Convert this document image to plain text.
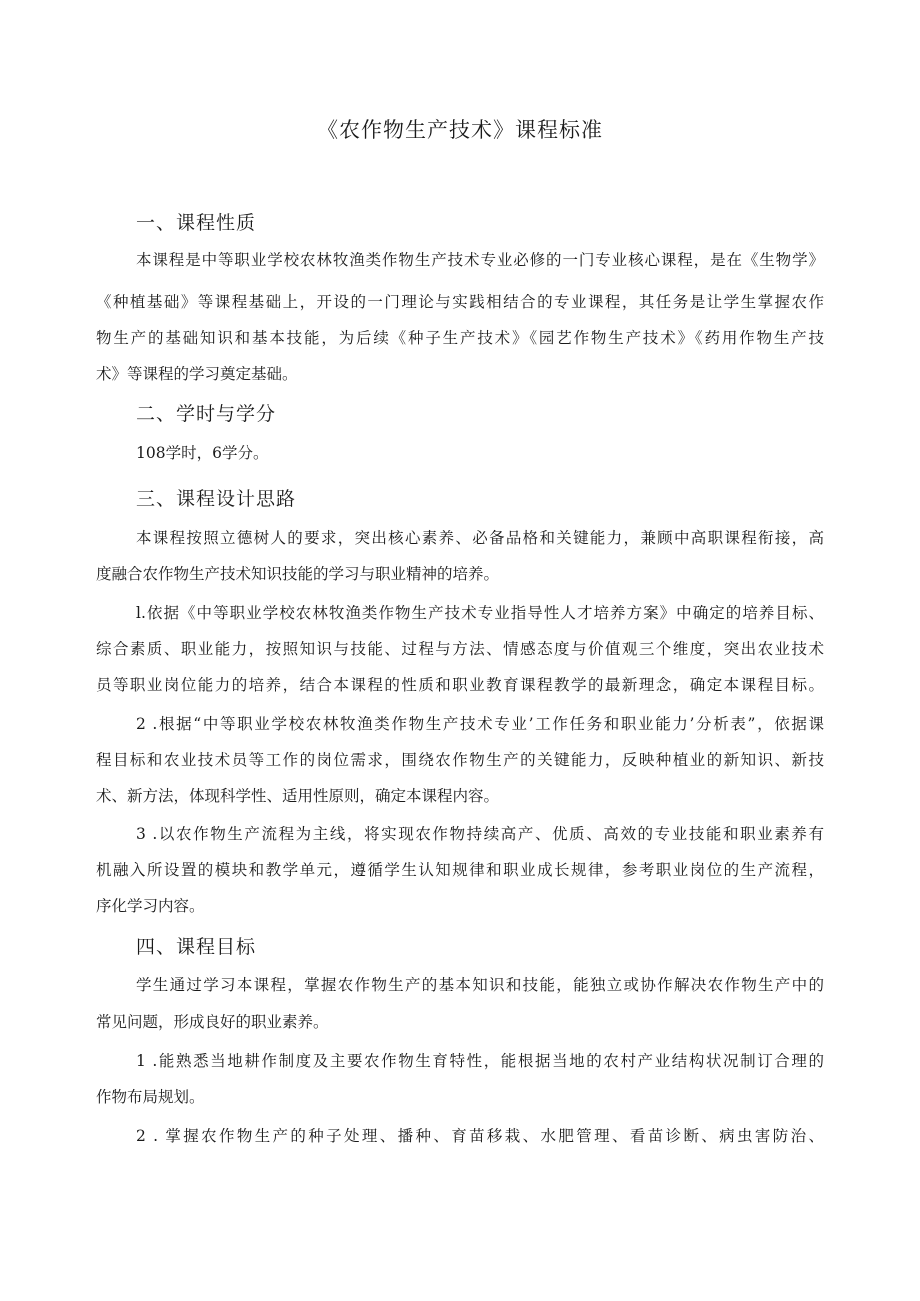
《农作物生产技术》课程标准
一、课程性质
本课程是中等职业学校农林牧渔类作物生产技术专业必修的一门专业核心课程，是在《生物学》
《种植基础》等课程基础上，开设的一门理论与实践相结合的专业课程，其任务是让学生掌握农作
物生产的基础知识和基本技能，为后续《种子生产技术》《园艺作物生产技术》《药用作物生产技
术》等课程的学习奠定基础。
二、学时与学分
108学时，6学分。
三、课程设计思路
本课程按照立德树人的要求，突出核心素养、必备品格和关键能力，兼顾中高职课程衔接，高
度融合农作物生产技术知识技能的学习与职业精神的培养。
l.依据《中等职业学校农林牧渔类作物生产技术专业指导性人才培养方案》中确定的培养目标、
综合素质、职业能力，按照知识与技能、过程与方法、情感态度与价值观三个维度，突出农业技术
员等职业岗位能力的培养，结合本课程的性质和职业教育课程教学的最新理念，确定本课程目标。
2 .根据“中等职业学校农林牧渔类作物生产技术专业’工作任务和职业能力’分析表”，依据课
程目标和农业技术员等工作的岗位需求，围绕农作物生产的关键能力，反映种植业的新知识、新技
术、新方法，体现科学性、适用性原则，确定本课程内容。
3 .以农作物生产流程为主线，将实现农作物持续高产、优质、高效的专业技能和职业素养有
机融入所设置的模块和教学单元，遵循学生认知规律和职业成长规律，参考职业岗位的生产流程，
序化学习内容。
四、课程目标
学生通过学习本课程，掌握农作物生产的基本知识和技能，能独立或协作解决农作物生产中的
常见问题，形成良好的职业素养。
1 .能熟悉当地耕作制度及主要农作物生育特性，能根据当地的农村产业结构状况制订合理的
作物布局规划。
2 . 掌握农作物生产的种子处理、播种、育苗移栽、水肥管理、看苗诊断、病虫害防治、
